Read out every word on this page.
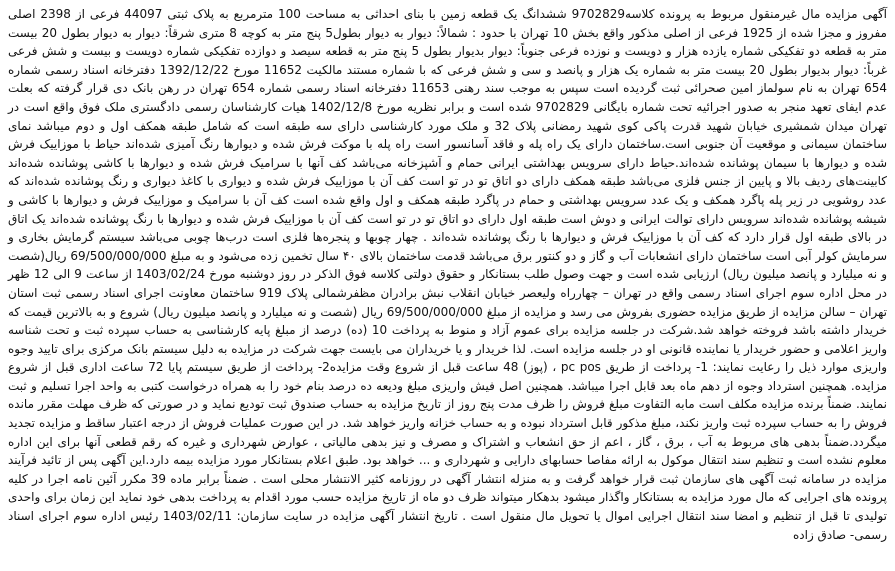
آگهی مزایده مال غیرمنقول مربوط به پرونده کلاسه9702829 ششدانگ یک قطعه زمین با بنای احداثی به مساحت 100 مترمربع به پلاک ثبتی 44097 فرعی از 2398 اصلی مفروز و مجزا شده از 1925 فرعی از اصلی مذکور واقع بخش 10 تهران با حدود : شمالاً: دیوار به دیوار بطول5 پنج متر به کوچه 8 متری شرقاً: دیوار به دیوار بطول 20 بیست متر به قطعه دو تفکیکی شماره یازده هزار و دویست و نوزده فرعی جنوباً: دیوار بدیوار بطول 5 پنج متر به قطعه سیصد و دوازده تفکیکی شماره دویست و بیست و شش فرعی غرباً: دیوار بدیوار بطول 20 بیست متر به شماره یک هزار و پانصد و سی و شش فرعی که با شماره مستند مالکیت 11652 مورخ 1392/12/22 دفترخانه اسناد رسمی شماره 654 تهران به نام سولماز امین صحرائی ثبت گردیده است سپس به موجب سند رهنی 11653 دفترخانه اسناد رسمی شماره 654 تهران در رهن بانک دی قرار گرفته که بعلت عدم ایفای تعهد منجر به صدور اجرائیه تحت شماره بایگانی 9702829 شده است و برابر نظریه مورخ 1402/12/8 هیات کارشناسان رسمی دادگستری ملک فوق واقع است در تهران میدان شمشیری خیابان شهید قدرت پاکی کوی شهید رمضانی پلاک 32 و ملک مورد کارشناسی دارای سه طبقه است که شامل طبقه همکف اول و دوم میباشد نمای ساختمان سیمانی و موقعیت آن جنوبی است.ساختمان دارای یک راه پله و فاقد آسانسور است راه پله با موکت فرش شده و دیوارها رنگ آمیزی شده‌اند حیاط با موزاییک فرش شده و دیوارها با سیمان پوشانده شده‌اند.حیاط دارای سرویس بهداشتی ایرانی حمام و آشپزخانه می‌باشد کف آنها با سرامیک فرش شده و دیوارها با کاشی پوشانده شده‌اند کابینت‌های ردیف بالا و پایین از جنس فلزی می‌باشد طبقه همکف دارای دو اتاق تو در تو است کف آن با موزاییک فرش شده و دیواری با کاغذ دیواری و رنگ پوشانده شده‌اند که عدد روشویی در زیر پله پاگرد همکف و یک عدد سرویس بهداشتی و حمام در پاگرد طبقه همکف و اول واقع شده است کف آن با سرامیک و موزاییک فرش و دیوارها با کاشی و شیشه پوشانده شده‌اند سرویس دارای توالت ایرانی و دوش است طبقه اول دارای دو اتاق تو در تو است کف آن با موزاییک فرش شده و دیوارها با رنگ پوشانده شده‌اند یک اتاق در بالای طبقه اول قرار دارد که کف آن با موزاییک فرش و دیوارها با رنگ پوشانده شده‌اند . چهار چوبها و پنجره‌ها فلزی است درب‌ها چوبی می‌باشد سیستم گرمایش بخاری و سرمایش کولر آبی است ساختمان دارای انشعابات آب و گاز و دو کنتور برق می‌باشد قدمت ساختمان بالای ۴۰ سال تخمین زده می‌شود و به مبلغ 69/500/000/000 ریال(شصت و نه میلیارد و پانصد میلیون ریال) ارزیابی شده است و جهت وصول طلب بستانکار و حقوق دولتی کلاسه فوق الذکر در روز دوشنبه مورخ 1403/02/24 از ساعت 9 الی 12 ظهر در محل اداره سوم اجرای اسناد رسمی واقع در تهران – چهارراه ولیعصر خیابان انقلاب نبش برادران مظفرشمالی پلاک 919 ساختمان معاونت اجرای اسناد رسمی ثبت استان تهران – سالن مزایده از طریق مزایده حضوری بفروش می رسد و مزایده از مبلغ 69/500/000/000 ریال (شصت و نه میلیارد و پانصد میلیون ریال) شروع و به بالاترین قیمت که خریدار داشته باشد فروخته خواهد شد.شرکت در جلسه مزایده برای عموم آزاد و منوط به پرداخت 10 (ده) درصد از مبلغ پایه کارشناسی به حساب سپرده ثبت و تحت شناسه واریز اعلامی و حضور خریدار یا نماینده قانونی او در جلسه مزایده است. لذا خریدار و یا خریداران می بایست جهت شرکت در مزایده به دلیل سیستم بانک مرکزی برای تایید وجوه واریزی موارد ذیل را رعایت نمایند: 1- پرداخت از طریق pc pos ، (پوز) 48 ساعت قبل از شروع وقت مزایده2- پرداخت از طریق سیستم پایا 72 ساعت اداری قبل از شروع مزایده. همچنین استرداد وجوه از دهم ماه بعد قابل اجرا میباشد. همچنین اصل فیش واریزی مبلغ ودیعه ده درصد بنام خود را به همراه درخواست کتبی به واحد اجرا تسلیم و ثبت نمایند. ضمناً برنده مزایده مکلف است مابه التفاوت مبلغ فروش را ظرف مدت پنج روز از تاریخ مزایده به حساب صندوق ثبت تودیع نماید و در صورتی که ظرف مهلت مقرر مانده فروش را به حساب سپرده ثبت واریز نکند، مبلغ مذکور قابل استرداد نبوده و به حساب خزانه واریز خواهد شد. در این صورت عملیات فروش از درجه اعتبار ساقط و مزایده تجدید میگردد.ضمناً بدهی های مربوط به آب ، برق ، گاز ، اعم از حق انشعاب و اشتراک و مصرف و نیز بدهی مالیاتی ، عوارض شهرداری و غیره که رقم قطعی آنها برای این اداره معلوم نشده است و تنظیم سند انتقال موکول به ارائه مفاصا حسابهای دارایی و شهرداری و ... خواهد بود. طبق اعلام بستانکار مورد مزایده بیمه دارد.این آگهی پس از تائید فرآیند مزایده در سامانه ثبت آگهی های سازمان ثبت قرار خواهد گرفت و به منزله انتشار آگهی در روزنامه کثیر الانتشار محلی است . ضمناً برابر ماده 39 مکرر آئین نامه اجرا در کلیه پرونده های اجرایی که مال مورد مزایده به بستانکار واگذار میشود بدهکار میتواند ظرف دو ماه از تاریخ مزایده حسب مورد اقدام به پرداخت بدهی خود نماید این زمان برای واحدی تولیدی تا قبل از تنظیم و امضا سند انتقال اجرایی اموال یا تحویل مال منقول است . تاریخ انتشار آگهی مزایده در سایت سازمان: 1403/02/11 رئیس اداره سوم اجرای اسناد رسمی- صادق زاده
